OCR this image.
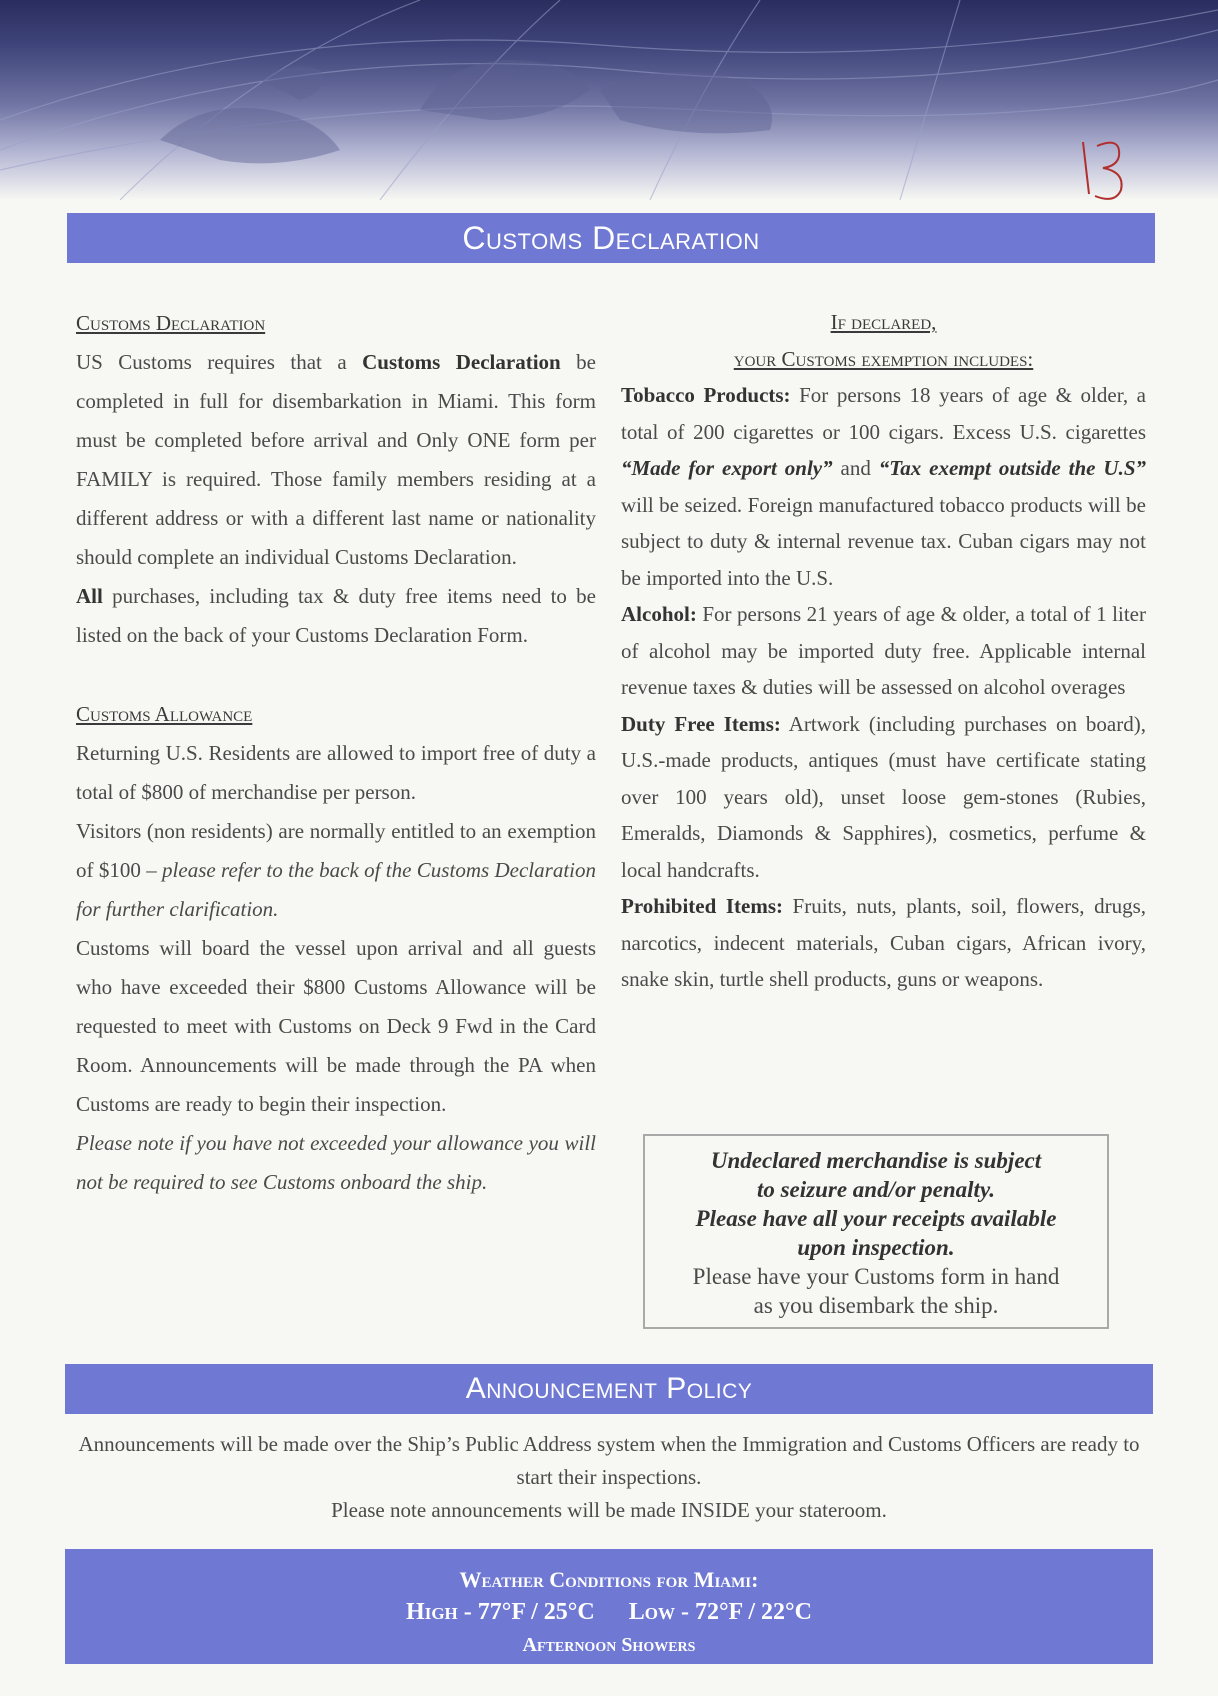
Customs Declaration
Customs Declaration

US Customs requires that a Customs Declaration be completed in full for disembarkation in Miami. This form must be completed before arrival and Only ONE form per FAMILY is required. Those family members residing at a different address or with a different last name or nationality should complete an individual Customs Declaration.

All purchases, including tax & duty free items need to be listed on the back of your Customs Declaration Form.

Customs Allowance

Returning U.S. Residents are allowed to import free of duty a total of $800 of merchandise per person.

Visitors (non residents) are normally entitled to an exemption of $100 – please refer to the back of the Customs Declaration for further clarification.

Customs will board the vessel upon arrival and all guests who have exceeded their $800 Customs Allowance will be requested to meet with Customs on Deck 9 Fwd in the Card Room. Announcements will be made through the PA when Customs are ready to begin their inspection.

Please note if you have not exceeded your allowance you will not be required to see Customs onboard the ship.

If declared,

your Customs exemption includes:

Tobacco Products: For persons 18 years of age & older, a total of 200 cigarettes or 100 cigars. Excess U.S. cigarettes “Made for export only” and “Tax exempt outside the U.S” will be seized. Foreign manufactured tobacco products will be subject to duty & internal revenue tax. Cuban cigars may not be imported into the U.S.

Alcohol: For persons 21 years of age & older, a total of 1 liter of alcohol may be imported duty free. Applicable internal revenue taxes & duties will be assessed on alcohol overages

Duty Free Items: Artwork (including purchases on board), U.S.-made products, antiques (must have certificate stating over 100 years old), unset loose gem-stones (Rubies, Emeralds, Diamonds & Sapphires), cosmetics, perfume & local handcrafts.

Prohibited Items: Fruits, nuts, plants, soil, flowers, drugs, narcotics, indecent materials, Cuban cigars, African ivory, snake skin, turtle shell products, guns or weapons.

Undeclared merchandise is subject
to seizure and/or penalty.
Please have all your receipts available
upon inspection.
Please have your Customs form in hand
as you disembark the ship.
Announcement Policy
Announcements will be made over the Ship’s Public Address system when the Immigration and Customs Officers are ready to start their inspections.
Please note announcements will be made INSIDE your stateroom.
Weather Conditions for Miami:
High - 77°F / 25°C Low - 72°F / 22°C
Afternoon Showers
